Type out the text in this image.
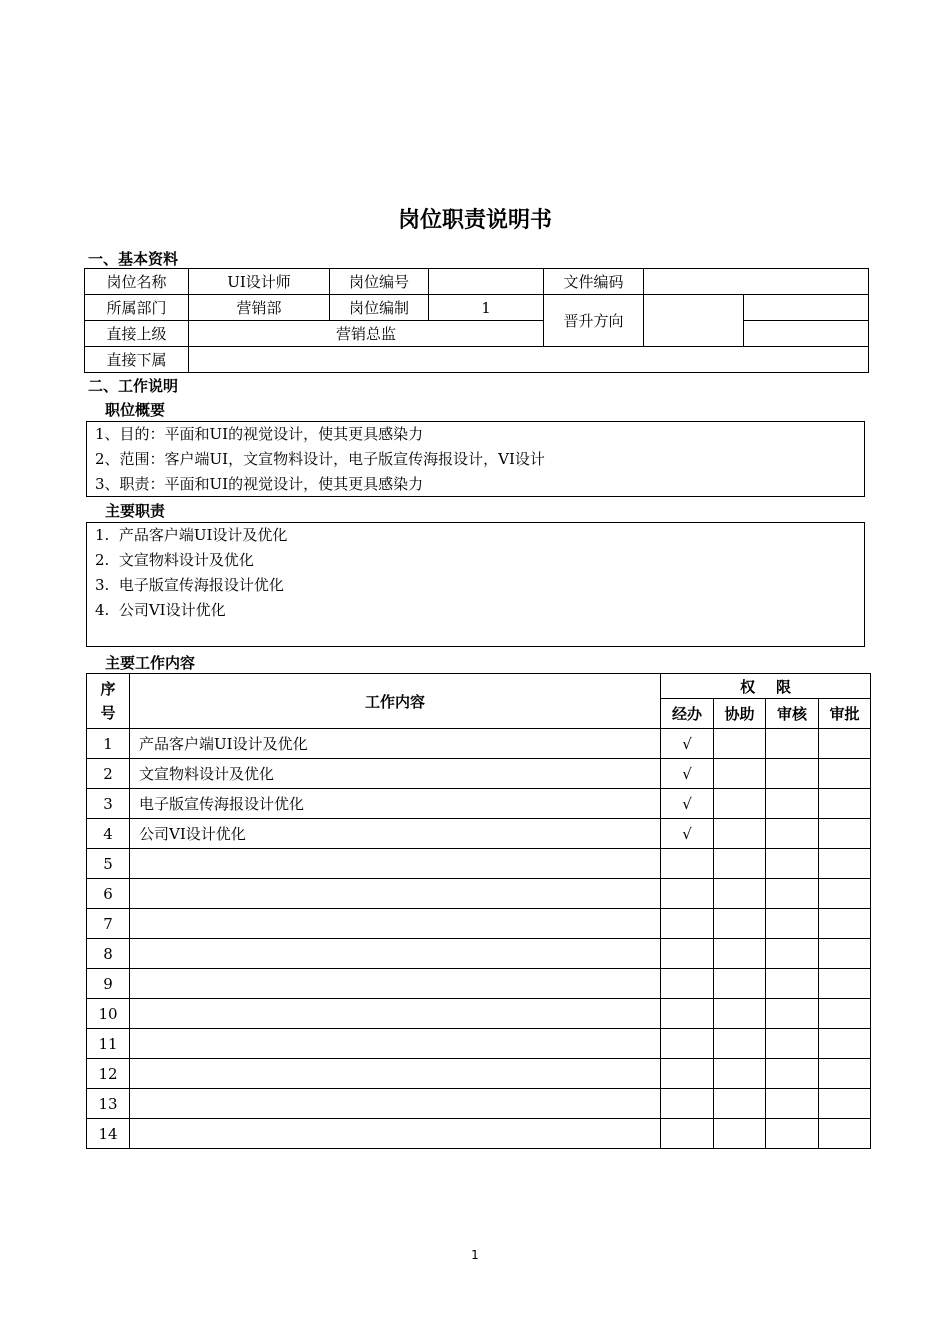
岗位职责说明书
一、基本资料
岗位名称	UI设计师	岗位编号		文件编码		
所属部门	营销部	岗位编制	1	晋升方向		
直接上级	营销总监					
直接下属						
二、工作说明
职位概要
1、目的：平面和UI的视觉设计，使其更具感染力
2、范围：客户端UI，文宣物料设计，电子版宣传海报设计，VI设计
3、职责：平面和UI的视觉设计，使其更具感染力
主要职责
1.  产品客户端UI设计及优化
2.  文宣物料设计及优化
3.  电子版宣传海报设计优化
4.  公司VI设计优化
主要工作内容
序
号	工作内容	权    限			
		经办	协助	审核	审批
1	产品客户端UI设计及优化	√			
2	文宣物料设计及优化	√			
3	电子版宣传海报设计优化	√			
4	公司VI设计优化	√			
5					
6					
7					
8					
9					
10					
11					
12					
13					
14					
1
